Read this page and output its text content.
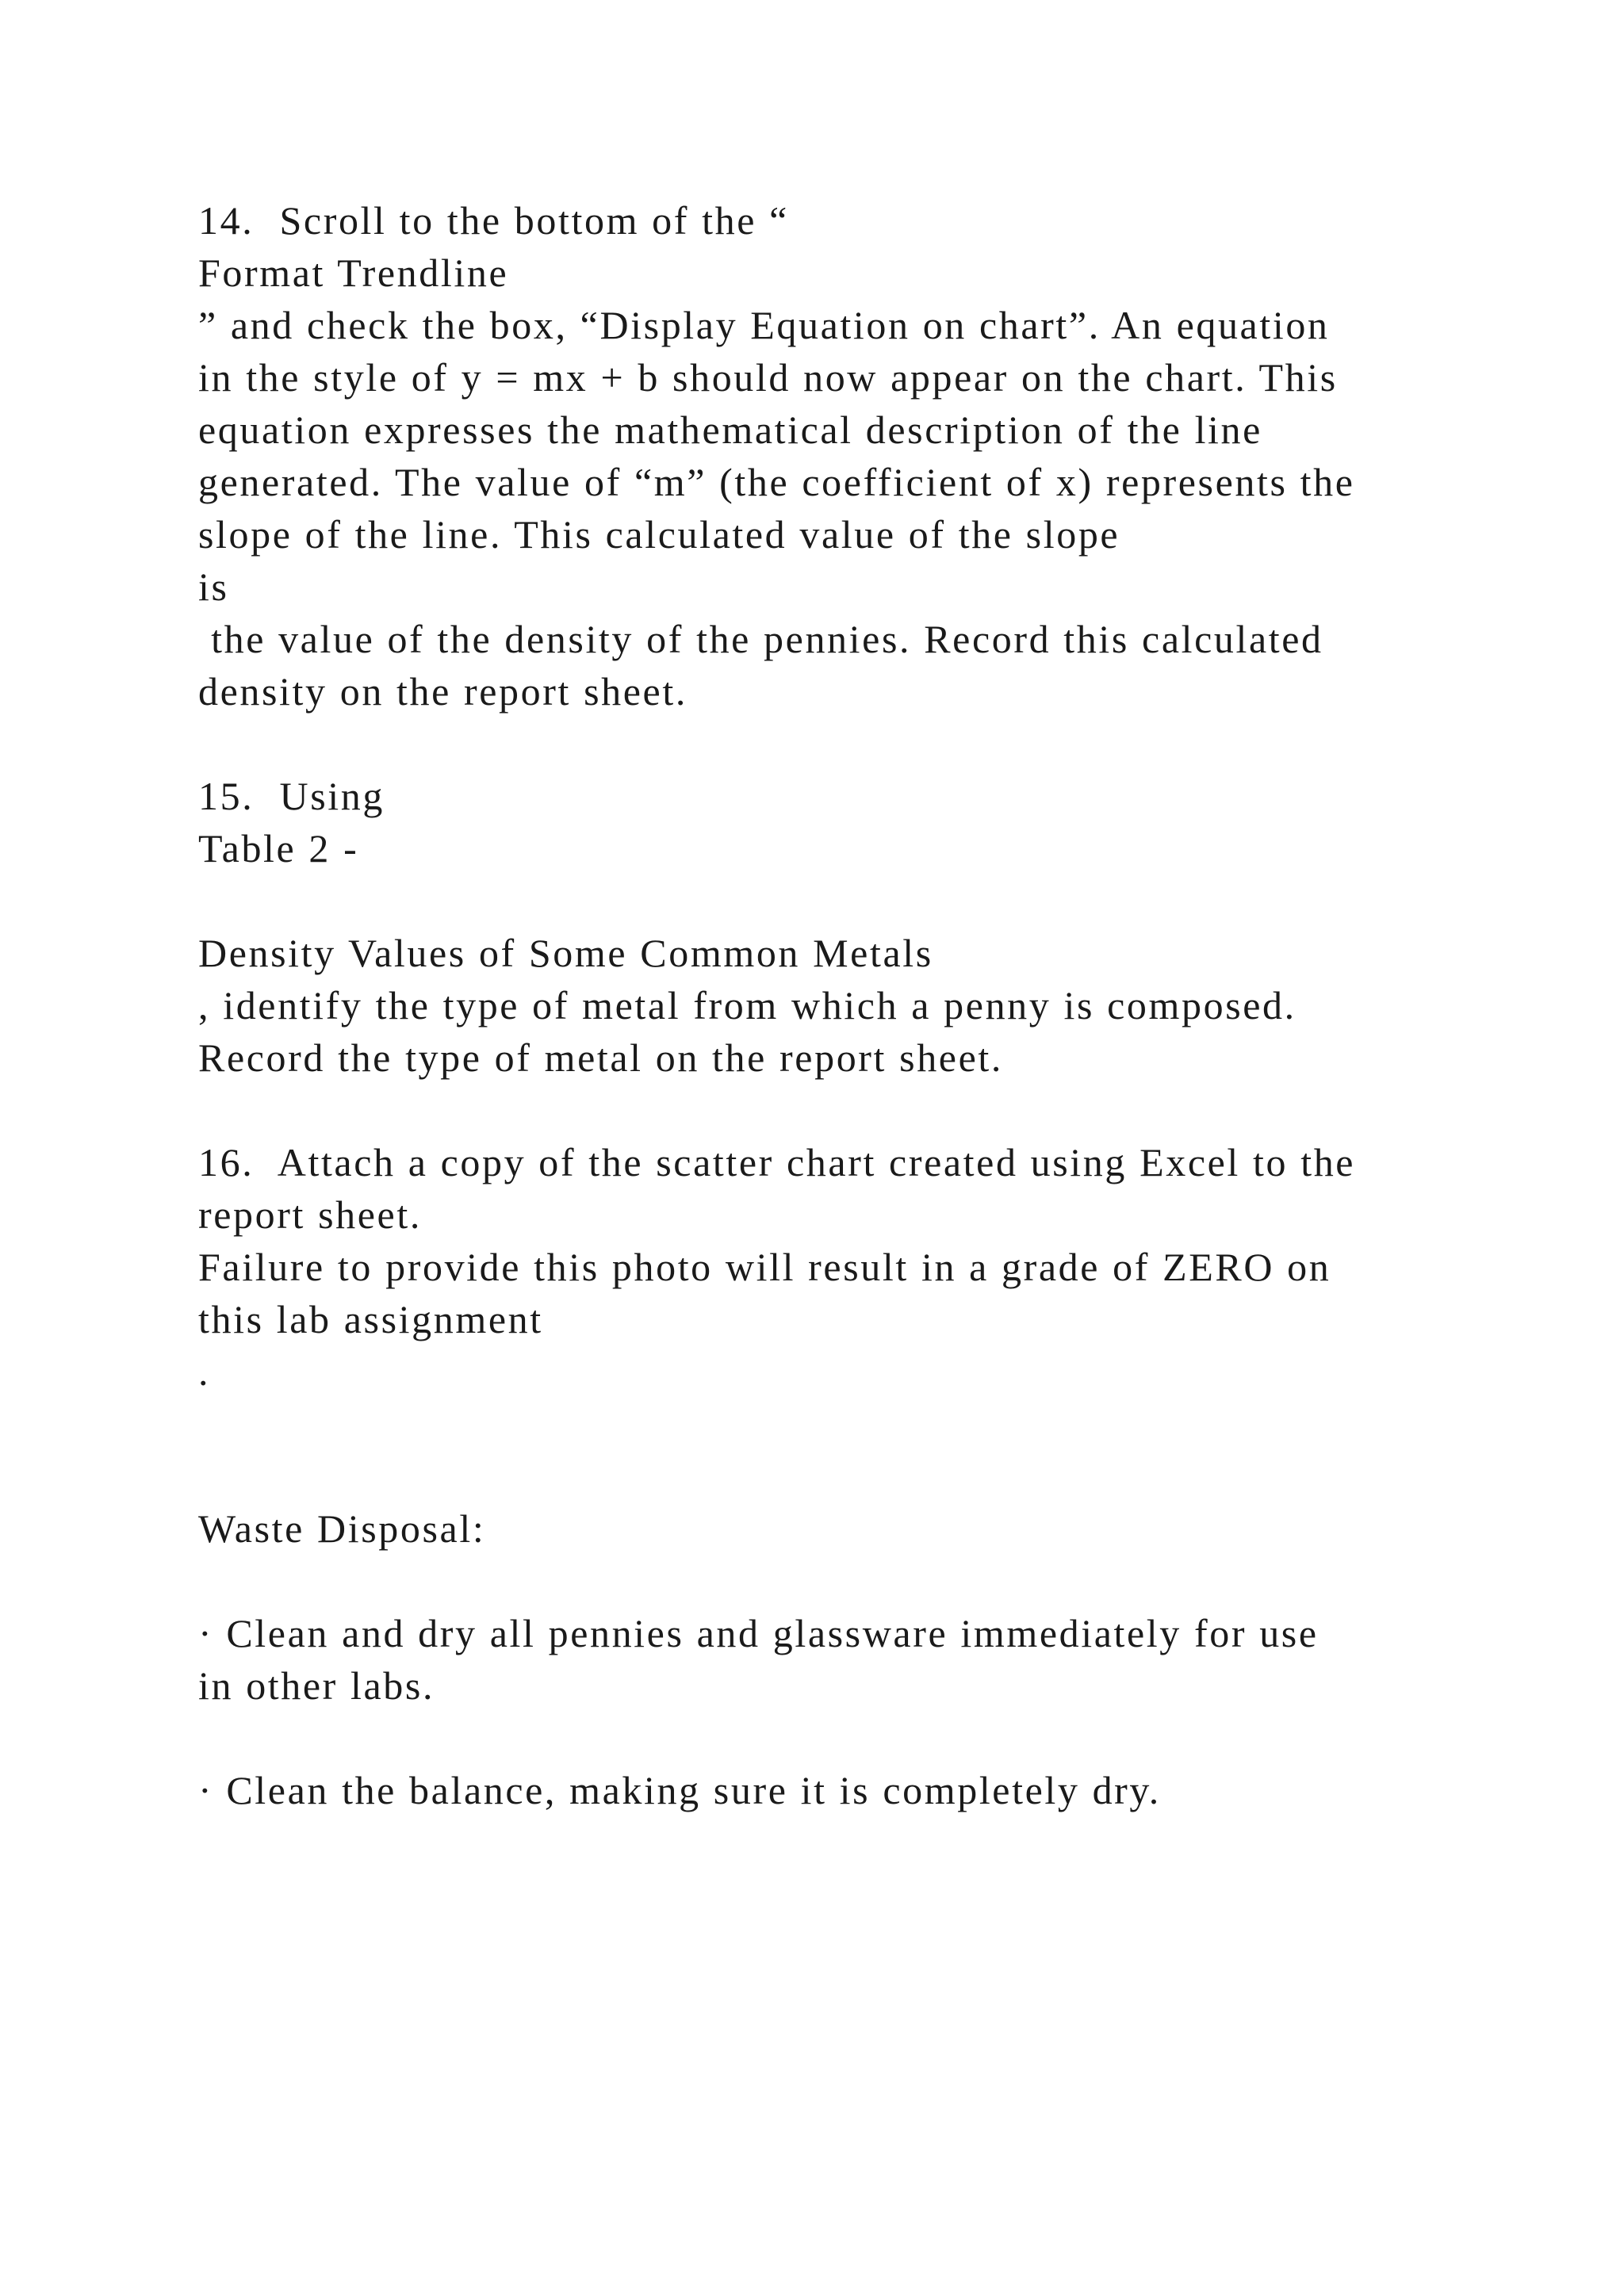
14.  Scroll to the bottom of the “
Format Trendline
” and check the box, “Display Equation on chart”. An equation
in the style of y = mx + b should now appear on the chart. This
equation expresses the mathematical description of the line
generated. The value of “m” (the coefficient of x) represents the
slope of the line. This calculated value of the slope
is
the value of the density of the pennies. Record this calculated
density on the report sheet.
15.  Using
Table 2 -
Density Values of Some Common Metals
, identify the type of metal from which a penny is composed.
Record the type of metal on the report sheet.
16.  Attach a copy of the scatter chart created using Excel to the
report sheet.
Failure to provide this photo will result in a grade of ZERO on
this lab assignment
.
Waste Disposal:
· Clean and dry all pennies and glassware immediately for use
in other labs.
· Clean the balance, making sure it is completely dry.
